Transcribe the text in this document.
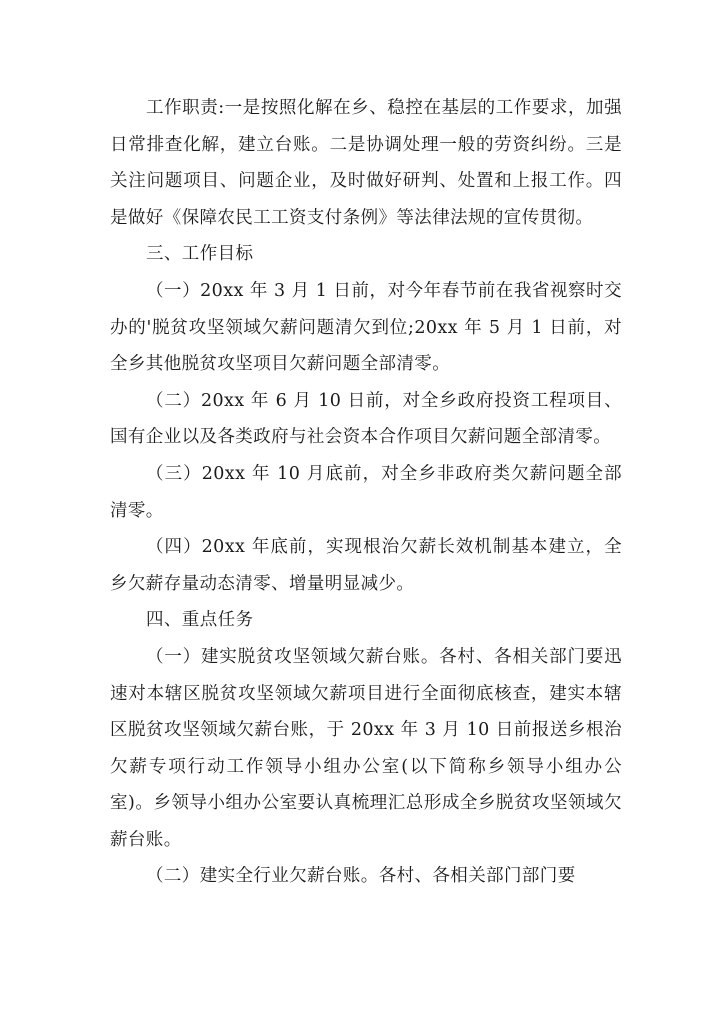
工作职责:一是按照化解在乡、稳控在基层的工作要求，加强日常排查化解，建立台账。二是协调处理一般的劳资纠纷。三是关注问题项目、问题企业，及时做好研判、处置和上报工作。四是做好《保障农民工工资支付条例》等法律法规的宣传贯彻。

三、工作目标

（一）20xx 年 3 月 1 日前，对今年春节前在我省视察时交办的'脱贫攻坚领域欠薪问题清欠到位;20xx 年 5 月 1 日前，对全乡其他脱贫攻坚项目欠薪问题全部清零。

（二）20xx 年 6 月 10 日前，对全乡政府投资工程项目、国有企业以及各类政府与社会资本合作项目欠薪问题全部清零。

（三）20xx 年 10 月底前，对全乡非政府类欠薪问题全部清零。

（四）20xx 年底前，实现根治欠薪长效机制基本建立，全乡欠薪存量动态清零、增量明显减少。

四、重点任务

（一）建实脱贫攻坚领域欠薪台账。各村、各相关部门要迅速对本辖区脱贫攻坚领域欠薪项目进行全面彻底核查，建实本辖区脱贫攻坚领域欠薪台账，于 20xx 年 3 月 10 日前报送乡根治欠薪专项行动工作领导小组办公室(以下简称乡领导小组办公室)。乡领导小组办公室要认真梳理汇总形成全乡脱贫攻坚领域欠薪台账。

（二）建实全行业欠薪台账。各村、各相关部门部门要
